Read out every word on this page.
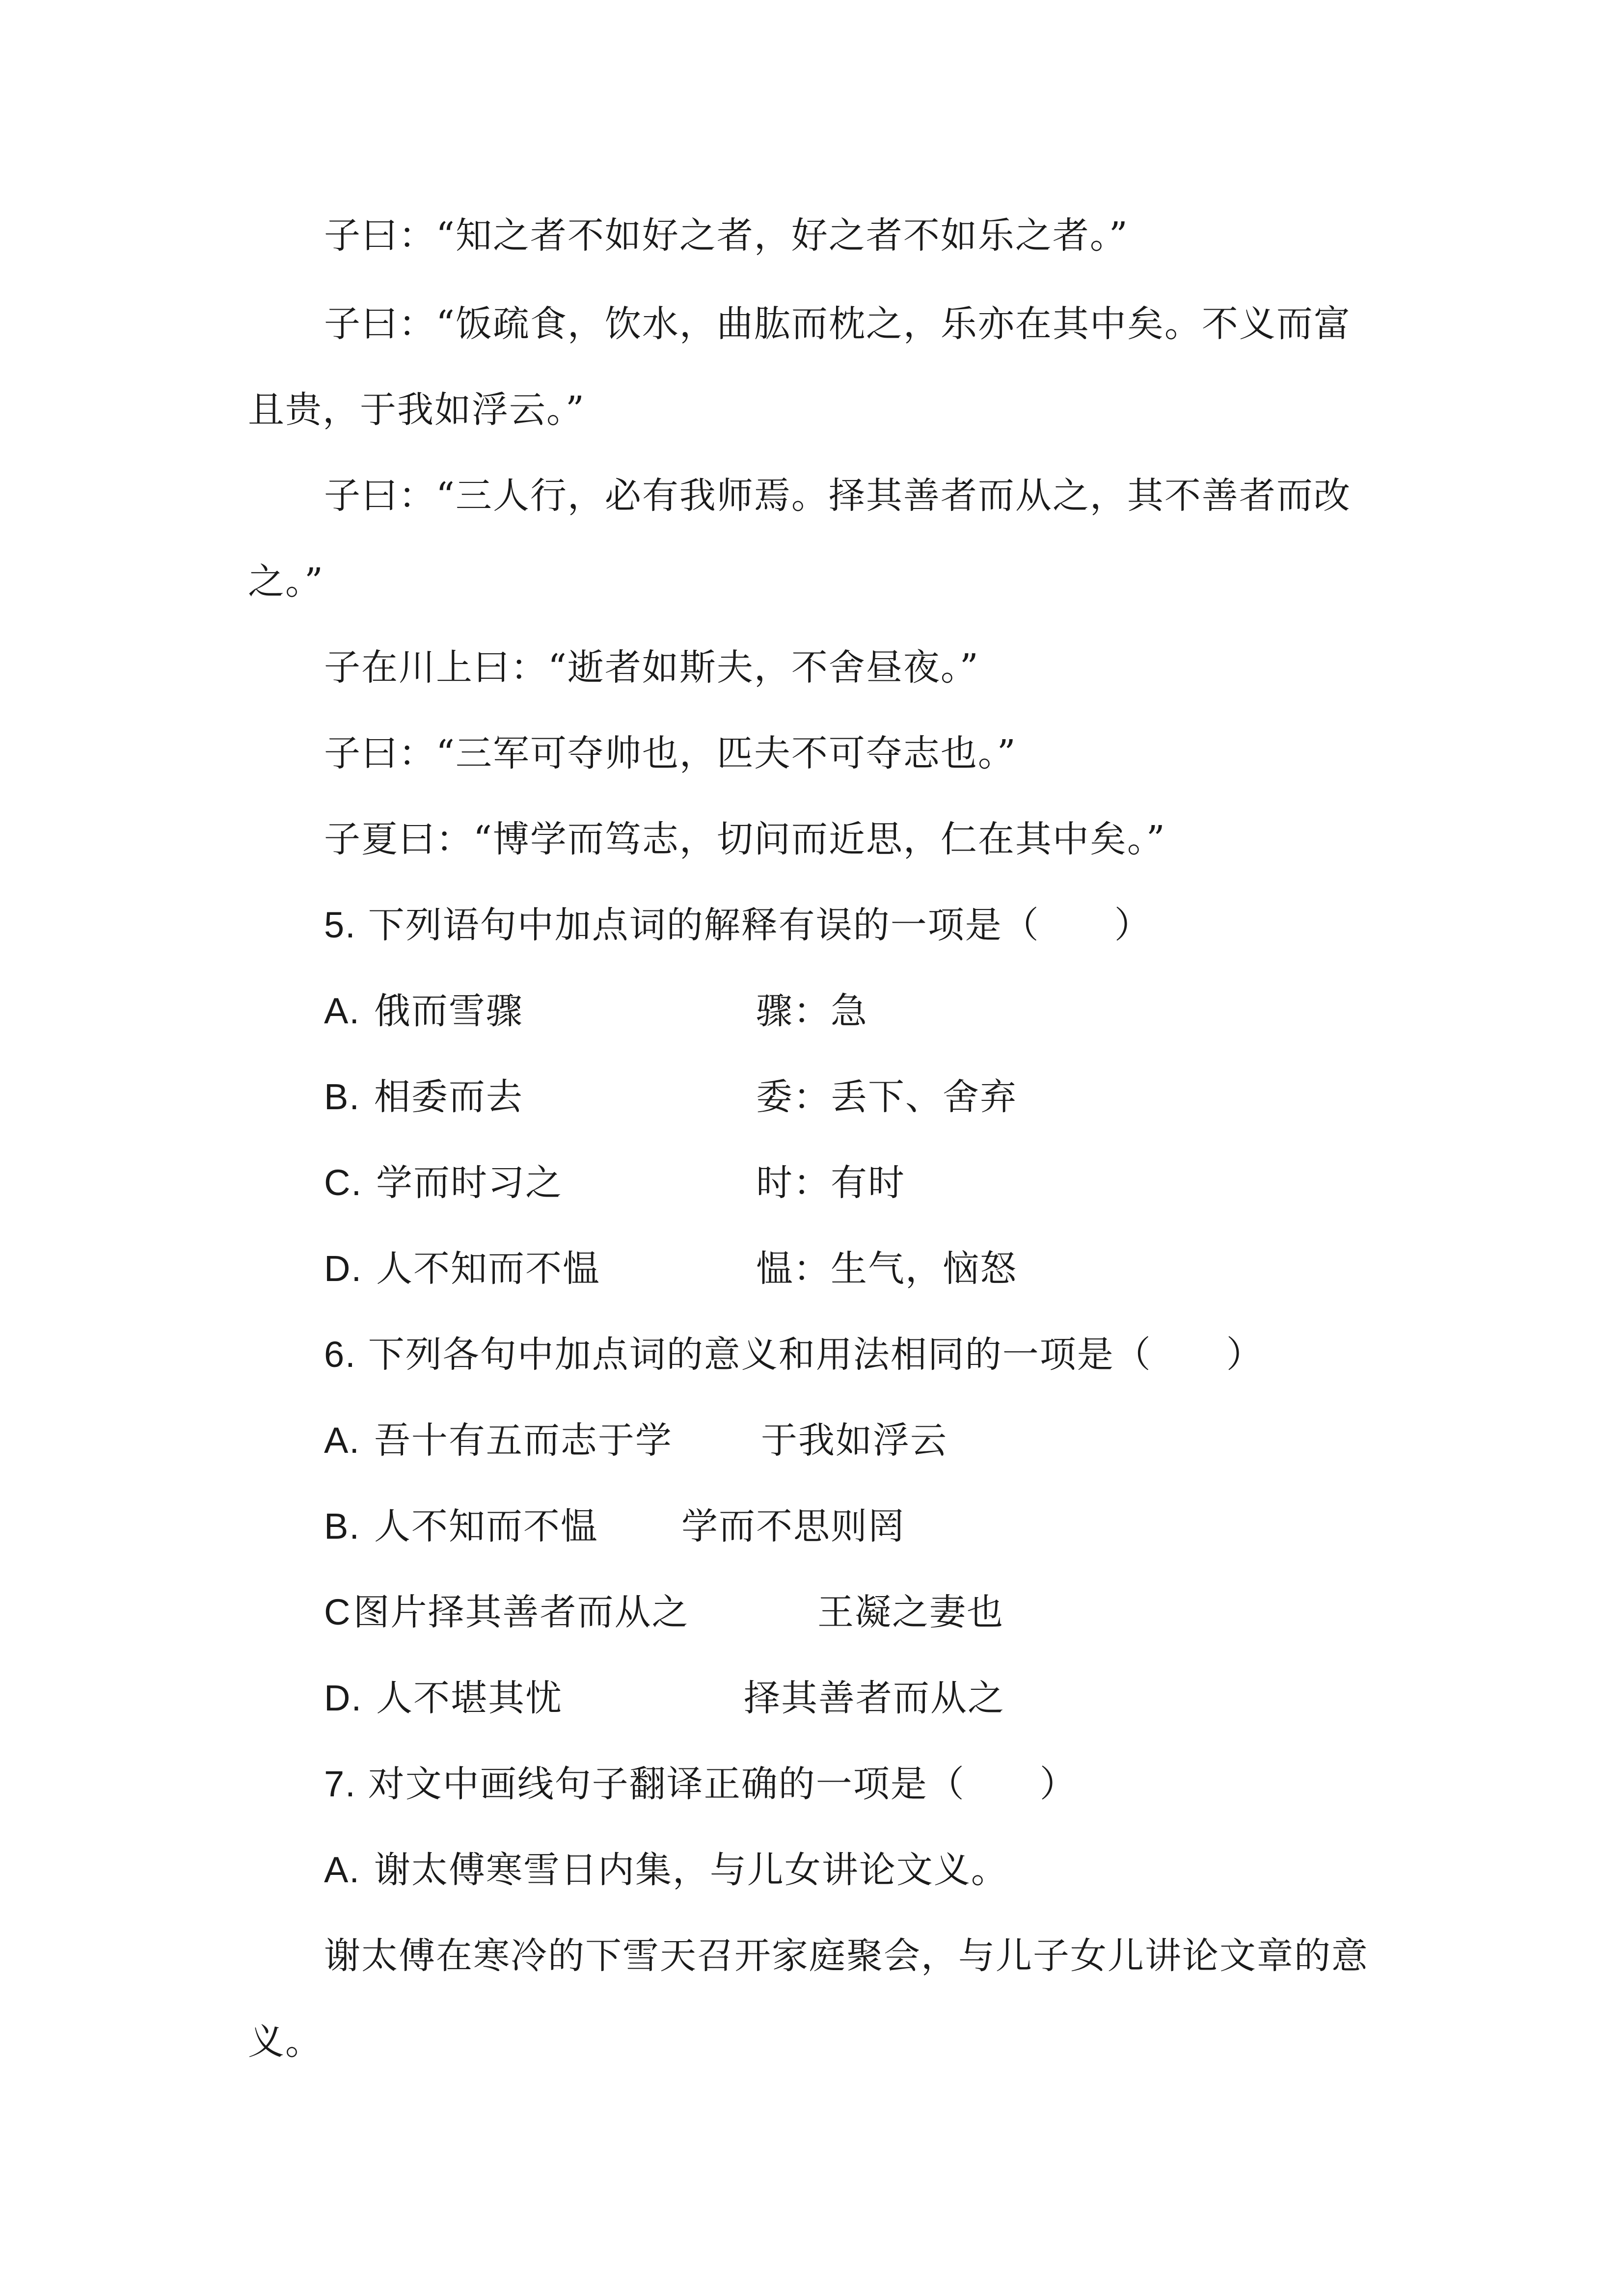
子曰：“知之者不如好之者，好之者不如乐之者。”
子曰：“饭疏食，饮水，曲肱而枕之，乐亦在其中矣。不义而富
且贵，于我如浮云。”
子曰：“三人行，必有我师焉。择其善者而从之，其不善者而改
之。”
子在川上曰：“逝者如斯夫，不舍昼夜。”
子曰：“三军可夺帅也，匹夫不可夺志也。”
子夏曰：“博学而笃志，切问而近思，仁在其中矣。”
5. 下列语句中加点词的解释有误的一项是（　　）
A. 俄而雪骤	骤：急
B. 相委而去	委：丢下、舍弃
C. 学而时习之	时：有时
D. 人不知而不愠	愠：生气，恼怒
6. 下列各句中加点词的意义和用法相同的一项是（　　）
A. 吾十有五而志于学 于我如浮云
B. 人不知而不愠 学而不思则罔
C图片择其善者而从之	王凝之妻也
D. 人不堪其忧	择其善者而从之
7. 对文中画线句子翻译正确的一项是（　　）
A. 谢太傅寒雪日内集，与儿女讲论文义。
谢太傅在寒冷的下雪天召开家庭聚会，与儿子女儿讲论文章的意
义。
